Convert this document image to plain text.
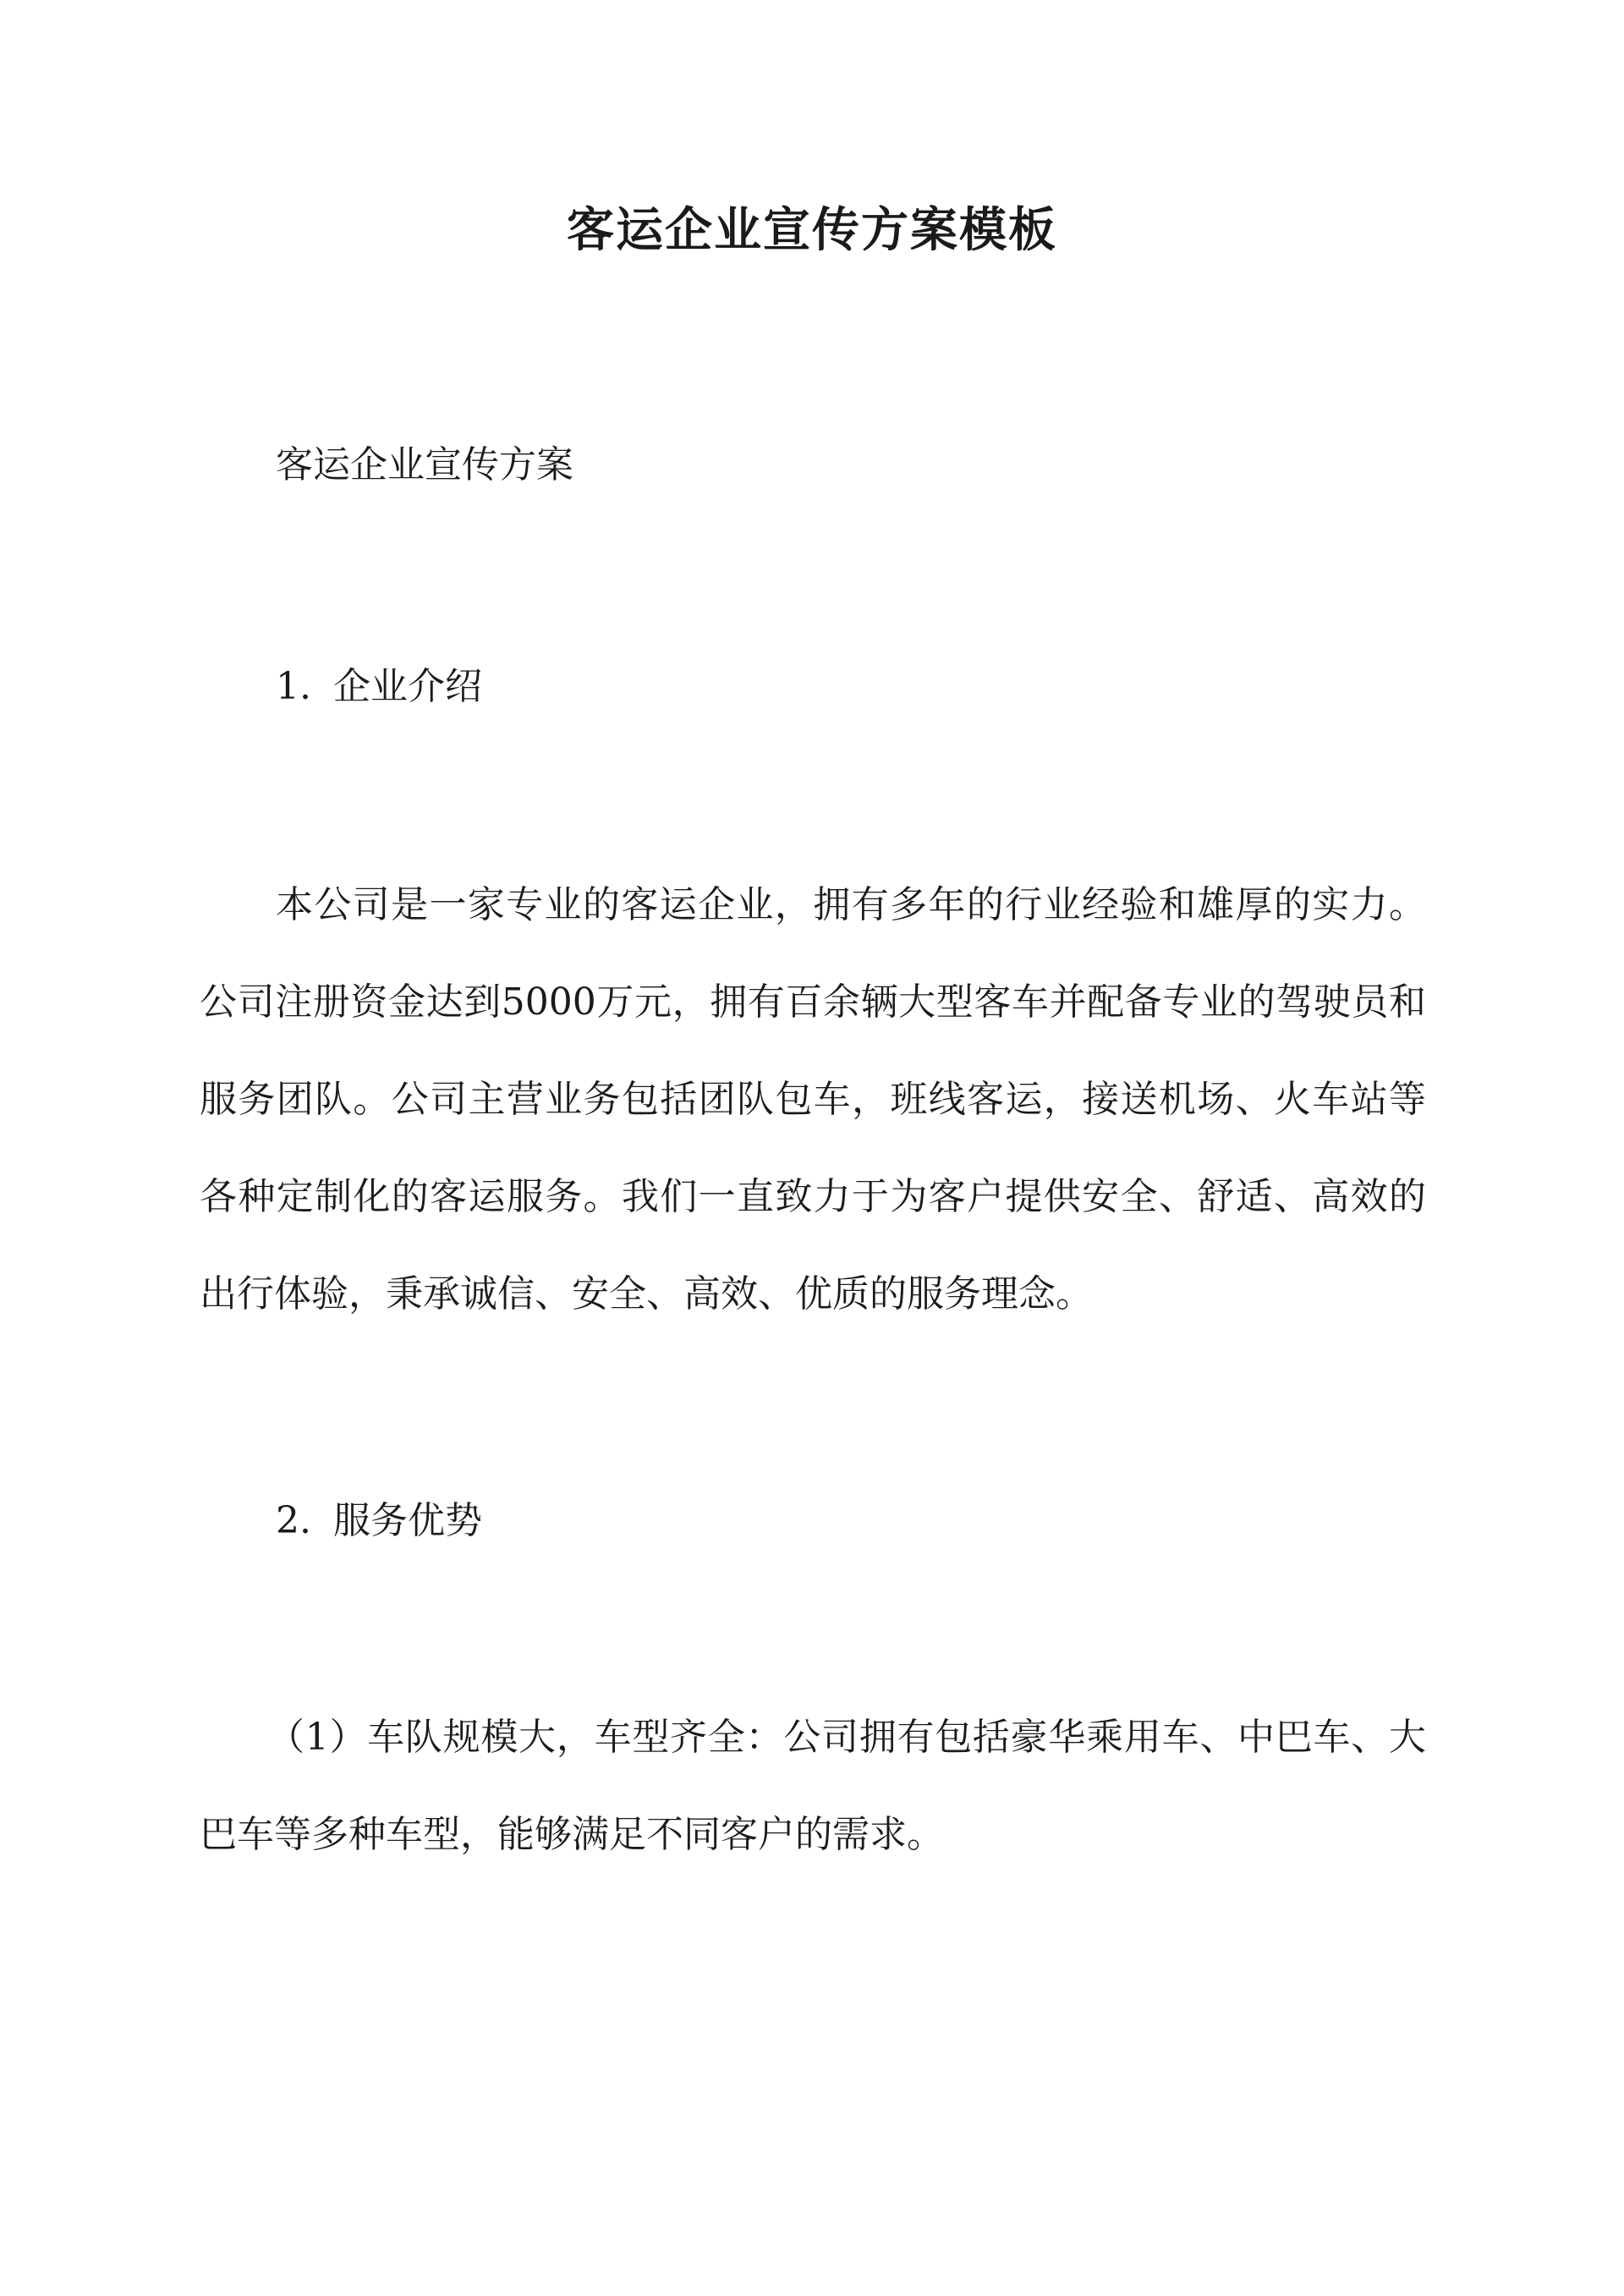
客运企业宣传方案模板
客运企业宣传方案
1. 企业介绍
本公司是一家专业的客运企业，拥有多年的行业经验和雄厚的实力。公司注册资金达到5000万元，拥有百余辆大型客车并配备专业的驾驶员和服务团队。公司主营业务包括团队包车，班线客运，接送机场、火车站等各种定制化的客运服务。我们一直致力于为客户提供安全、舒适、高效的出行体验，秉承诚信、安全、高效、优质的服务理念。
2. 服务优势
（1）车队规模大，车型齐全：公司拥有包括豪华乘用车、中巴车、大巴车等多种车型，能够满足不同客户的需求。
